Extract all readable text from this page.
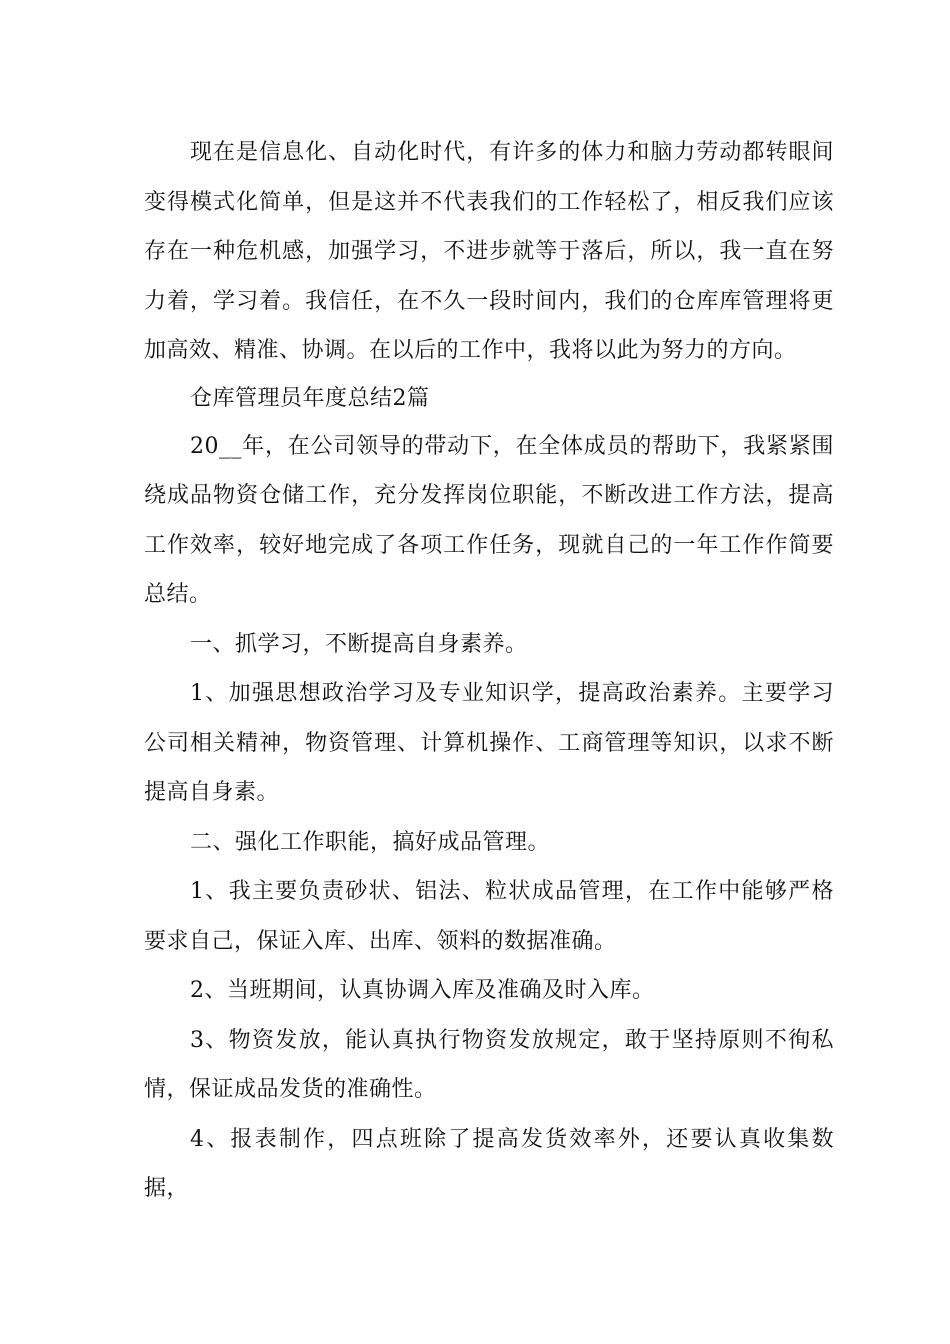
现在是信息化、自动化时代，有许多的体力和脑力劳动都转眼间变得模式化简单，但是这并不代表我们的工作轻松了，相反我们应该存在一种危机感，加强学习，不进步就等于落后，所以，我一直在努力着，学习着。我信任，在不久一段时间内，我们的仓库库管理将更加高效、精准、协调。在以后的工作中，我将以此为努力的方向。

仓库管理员年度总结2篇

20__年，在公司领导的带动下，在全体成员的帮助下，我紧紧围绕成品物资仓储工作，充分发挥岗位职能，不断改进工作方法，提高工作效率，较好地完成了各项工作任务，现就自己的一年工作作简要总结。

一、抓学习，不断提高自身素养。

1、加强思想政治学习及专业知识学，提高政治素养。主要学习公司相关精神，物资管理、计算机操作、工商管理等知识，以求不断提高自身素。

二、强化工作职能，搞好成品管理。

1、我主要负责砂状、铝法、粒状成品管理，在工作中能够严格要求自己，保证入库、出库、领料的数据准确。

2、当班期间，认真协调入库及准确及时入库。

3、物资发放，能认真执行物资发放规定，敢于坚持原则不徇私情，保证成品发货的准确性。

4、报表制作，四点班除了提高发货效率外，还要认真收集数据，
